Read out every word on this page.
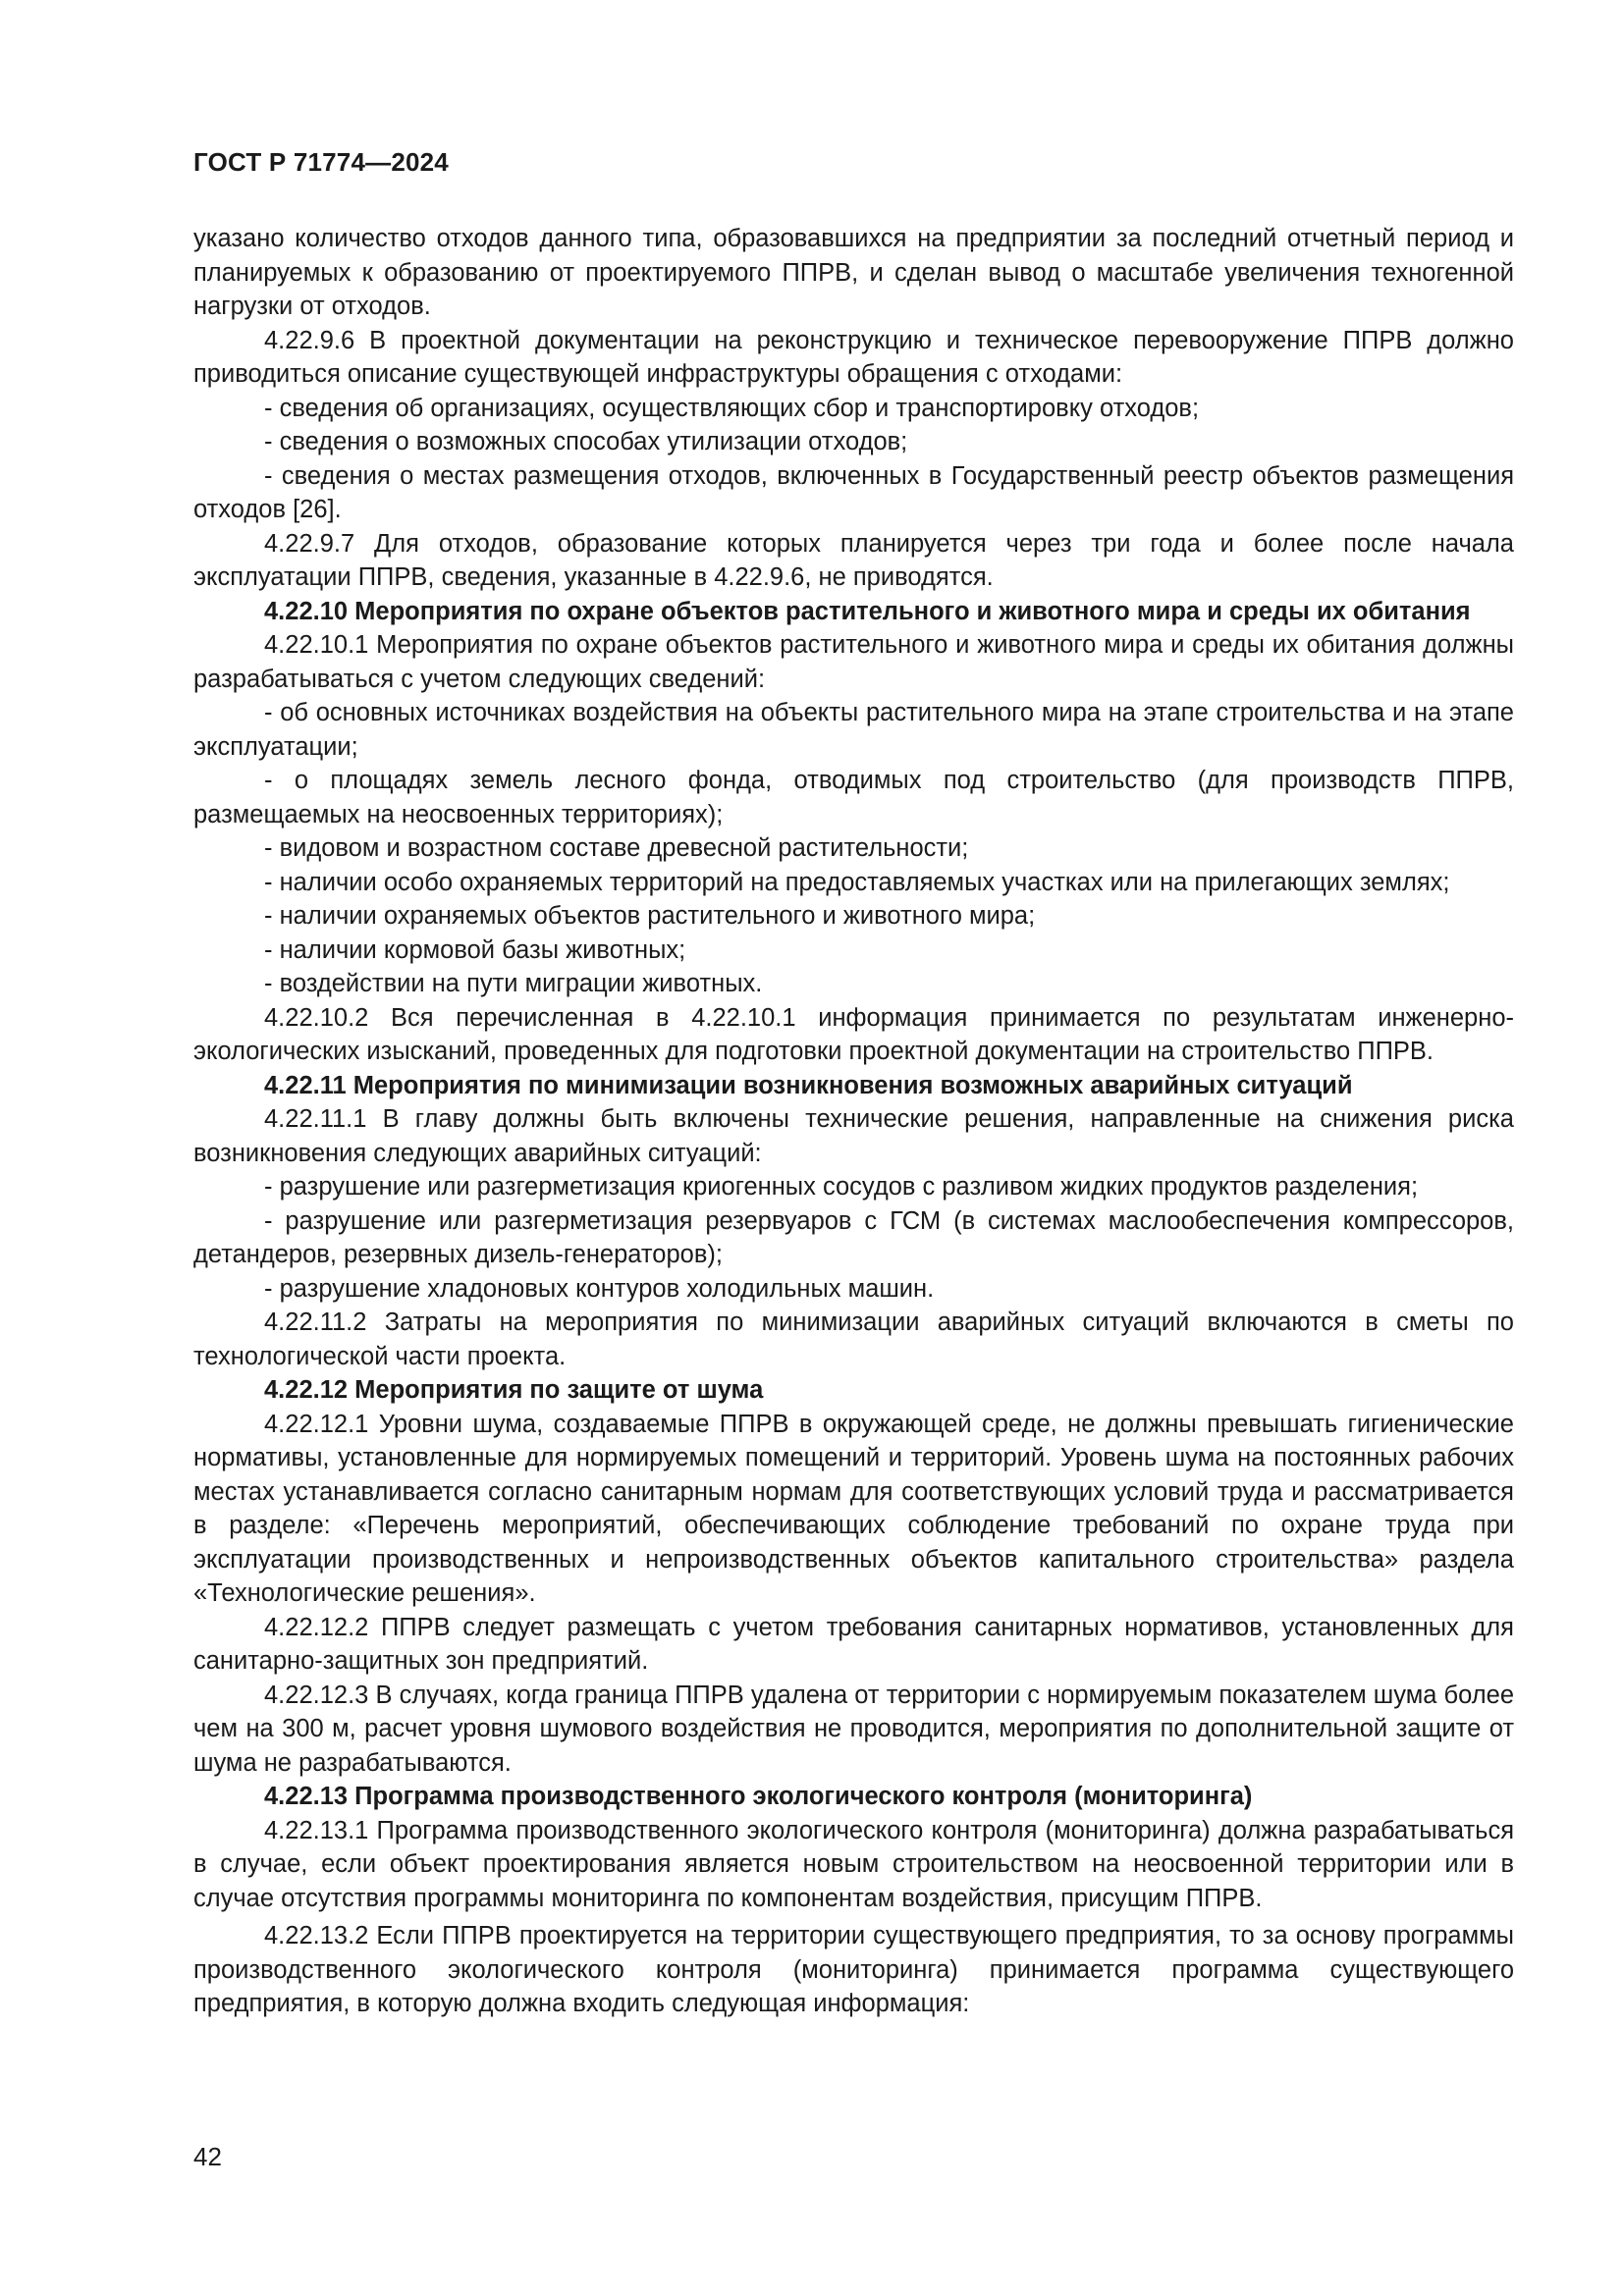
ГОСТ Р 71774—2024

указано количество отходов данного типа, образовавшихся на предприятии за последний отчетный период и планируемых к образованию от проектируемого ППРВ, и сделан вывод о масштабе увеличения техногенной нагрузки от отходов.

4.22.9.6 В проектной документации на реконструкцию и техническое перевооружение ППРВ должно приводиться описание существующей инфраструктуры обращения с отходами:

- сведения об организациях, осуществляющих сбор и транспортировку отходов;

- сведения о возможных способах утилизации отходов;

- сведения о местах размещения отходов, включенных в Государственный реестр объектов размещения отходов [26].

4.22.9.7 Для отходов, образование которых планируется через три года и более после начала эксплуатации ППРВ, сведения, указанные в 4.22.9.6, не приводятся.

4.22.10 Мероприятия по охране объектов растительного и животного мира и среды их обитания

4.22.10.1 Мероприятия по охране объектов растительного и животного мира и среды их обитания должны разрабатываться с учетом следующих сведений:

- об основных источниках воздействия на объекты растительного мира на этапе строительства и на этапе эксплуатации;

- о площадях земель лесного фонда, отводимых под строительство (для производств ППРВ, размещаемых на неосвоенных территориях);

- видовом и возрастном составе древесной растительности;

- наличии особо охраняемых территорий на предоставляемых участках или на прилегающих землях;

- наличии охраняемых объектов растительного и животного мира;

- наличии кормовой базы животных;

- воздействии на пути миграции животных.

4.22.10.2 Вся перечисленная в 4.22.10.1 информация принимается по результатам инженерно-экологических изысканий, проведенных для подготовки проектной документации на строительство ППРВ.

4.22.11 Мероприятия по минимизации возникновения возможных аварийных ситуаций

4.22.11.1 В главу должны быть включены технические решения, направленные на снижения риска возникновения следующих аварийных ситуаций:

- разрушение или разгерметизация криогенных сосудов с разливом жидких продуктов разделения;

- разрушение или разгерметизация резервуаров с ГСМ (в системах маслообеспечения компрессоров, детандеров, резервных дизель-генераторов);

- разрушение хладоновых контуров холодильных машин.

4.22.11.2 Затраты на мероприятия по минимизации аварийных ситуаций включаются в сметы по технологической части проекта.

4.22.12 Мероприятия по защите от шума

4.22.12.1 Уровни шума, создаваемые ППРВ в окружающей среде, не должны превышать гигиенические нормативы, установленные для нормируемых помещений и территорий. Уровень шума на постоянных рабочих местах устанавливается согласно санитарным нормам для соответствующих условий труда и рассматривается в разделе: «Перечень мероприятий, обеспечивающих соблюдение требований по охране труда при эксплуатации производственных и непроизводственных объектов капитального строительства» раздела «Технологические решения».

4.22.12.2 ППРВ следует размещать с учетом требования санитарных нормативов, установленных для санитарно-защитных зон предприятий.

4.22.12.3 В случаях, когда граница ППРВ удалена от территории с нормируемым показателем шума более чем на 300 м, расчет уровня шумового воздействия не проводится, мероприятия по дополнительной защите от шума не разрабатываются.

4.22.13 Программа производственного экологического контроля (мониторинга)

4.22.13.1 Программа производственного экологического контроля (мониторинга) должна разрабатываться в случае, если объект проектирования является новым строительством на неосвоенной территории или в случае отсутствия программы мониторинга по компонентам воздействия, присущим ППРВ.

4.22.13.2 Если ППРВ проектируется на территории существующего предприятия, то за основу программы производственного экологического контроля (мониторинга) принимается программа существующего предприятия, в которую должна входить следующая информация:

42
